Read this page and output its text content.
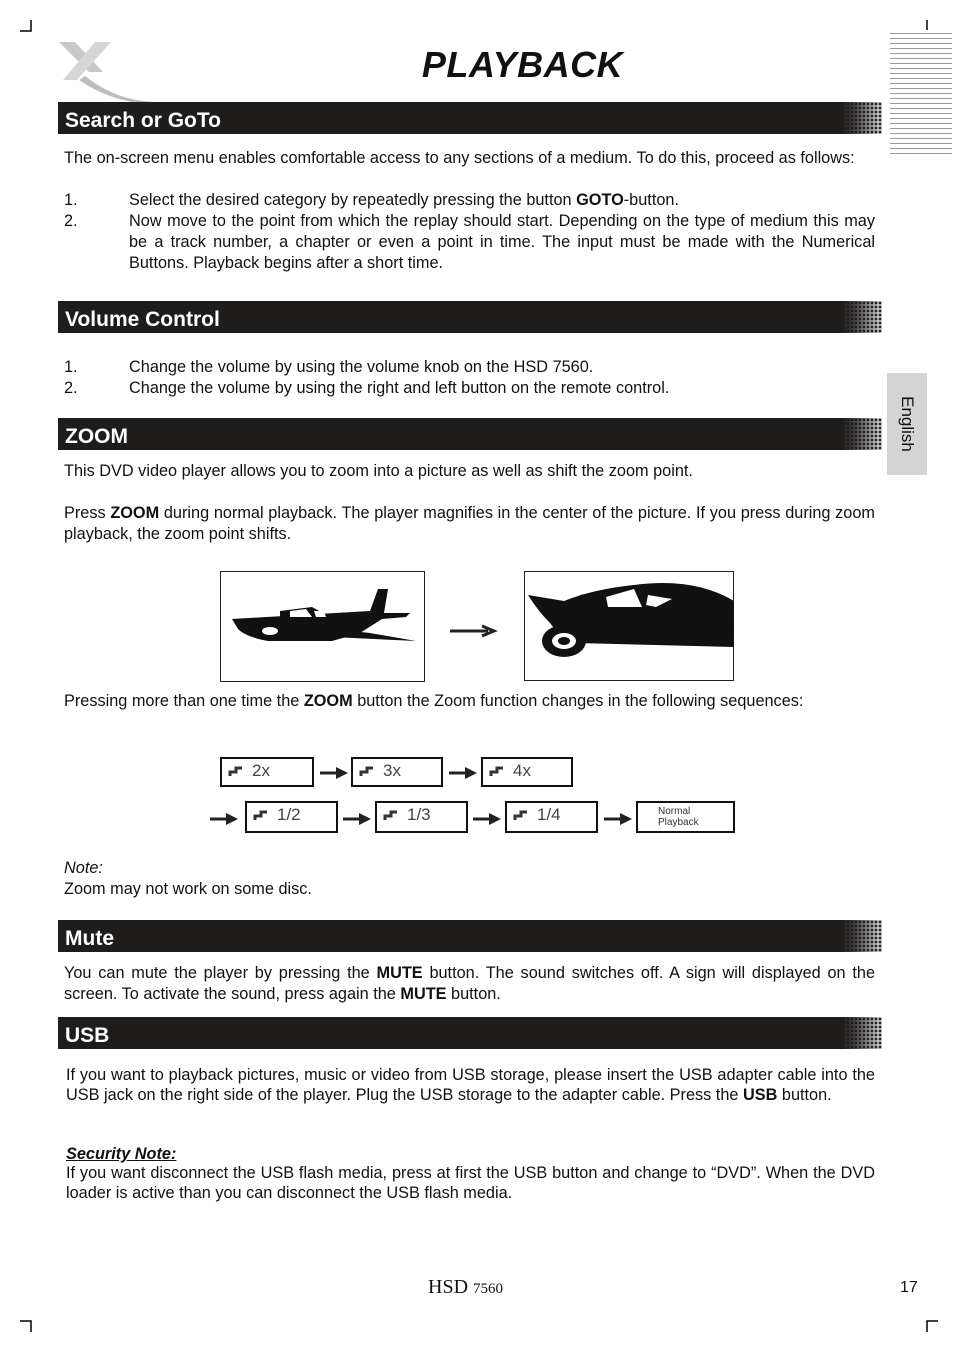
PLAYBACK
English
Search or GoTo
The on-screen menu enables comfortable access to any sections of a medium. To do this, proceed as follows:
1.	Select the desired category by repeatedly pressing the button GOTO-button.
2.	Now move to the point from which the replay should start. Depending on the type of medium this may be a track number, a chapter or even a point in time. The input must be made with the Numerical Buttons. Playback begins after a short time.
Volume Control
1.	Change the volume by using the volume knob on the HSD 7560.
2.	Change the volume by using the right and left button on the remote control.
ZOOM
This DVD video player allows you to zoom into a picture as well as shift the zoom point.
Press ZOOM during normal playback. The player magnifies in the center of the picture. If you press during zoom playback, the zoom point shifts.
Pressing more than one time the ZOOM button the Zoom function changes in the following sequences:
2x	3x	4x
1/2	1/3	1/4	Normal
Playback
Note:
Zoom may not work on some disc.
Mute
You can mute the player by pressing the MUTE button. The sound switches off. A sign will displayed on the screen. To activate the sound, press again the MUTE button.
USB
If you want to playback pictures, music or video from USB storage, please insert the USB adapter cable into the USB jack on the right side of the player. Plug the USB storage to the adapter cable. Press the USB button.
Security Note:
If you want disconnect the USB flash media, press at first the USB button and change to “DVD”. When the DVD loader is active than you can disconnect the USB flash media.
HSD 7560	17
